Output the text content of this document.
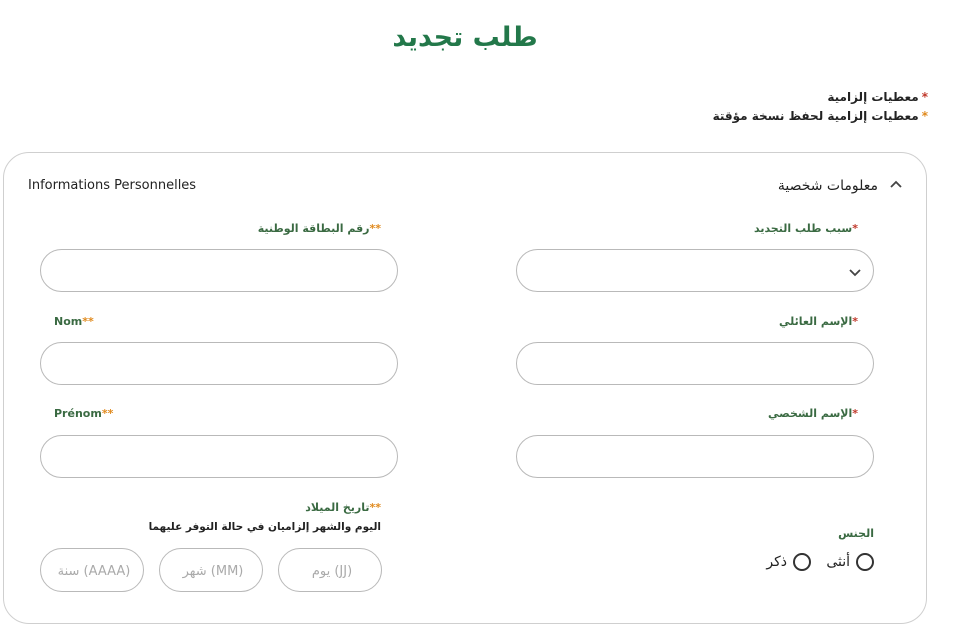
طلب تجديد
*معطيات إلزامية
*معطيات إلزامية لحفظ نسخة مؤقتة
Informations Personnelles	معلومات شخصية
*سبب طلب التجديد
**رقم البطاقة الوطنية
*الإسم العائلي
Nom**
*الإسم الشخصي
Prénom**
**تاريخ الميلاد
اليوم والشهر إلزاميان في حالة التوفر عليهما
سنة (AAAA)
شهر (MM)
يوم (JJ)	الجنس
أنثى
ذكر
